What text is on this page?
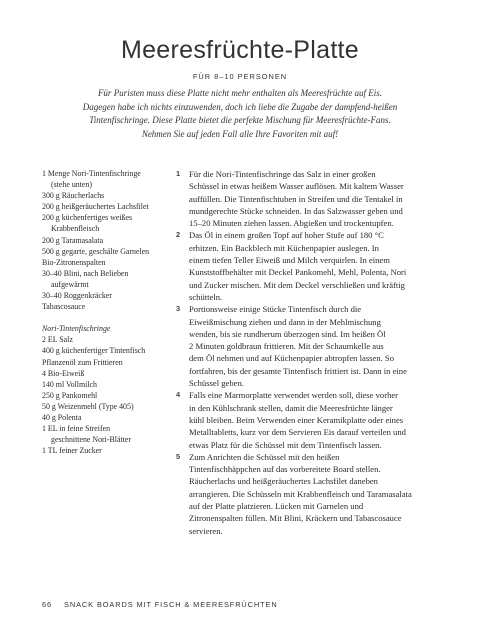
Meeresfrüchte-Platte
FÜR 8–10 PERSONEN
Für Puristen muss diese Platte nicht mehr enthalten als Meeresfrüchte auf Eis.
Dagegen habe ich nichts einzuwenden, doch ich liebe die Zugabe der dampfend-heißen
Tintenfischringe. Diese Platte bietet die perfekte Mischung für Meeresfrüchte-Fans.
Nehmen Sie auf jeden Fall alle Ihre Favoriten mit auf!
1 Menge Nori-Tintenfischringe
(stehe unten)
300 g Räucherlachs
200 g heißgeräuchertes Lachsfilet
200 g küchenfertiges weißes
Krabbenfleisch
200 g Taramasalata
500 g gegarte, geschälte Garnelen
Bio-Zitronenspalten
30–40 Blini, nach Belieben
aufgewärmt
30–40 Roggenkräcker
Tabascosauce
Nori-Tintenfischringe
2 EL Salz
400 g küchenfertiger Tintenfisch
Pflanzenöl zum Frittieren
4 Bio-Eiweiß
140 ml Vollmilch
250 g Pankomehl
50 g Weizenmehl (Type 405)
40 g Polenta
1 EL in feine Streifen
geschnittene Nori-Blätter
1 TL feiner Zucker
1 Für die Nori-Tintenfischringe das Salz in einer großen
Schüssel in etwas heißem Wasser auflösen. Mit kaltem Wasser
auffüllen. Die Tintenfischtuben in Streifen und die Tentakel in
mundgerechte Stücke schneiden. In das Salzwasser geben und
15–20 Minuten ziehen lassen. Abgießen und trockentupfen.
2 Das Öl in einem großen Topf auf hoher Stufe auf 180 °C
erhitzen. Ein Backblech mit Küchenpapier auslegen. In
einem tiefen Teller Eiweiß und Milch verquirlen. In einem
Kunststoffbehälter mit Deckel Pankomehl, Mehl, Polenta, Nori
und Zucker mischen. Mit dem Deckel verschließen und kräftig
schütteln.
3 Portionsweise einige Stücke Tintenfisch durch die
Eiweißmischung ziehen und dann in der Mehlmischung
wenden, bis sie rundherum überzogen sind. Im heißen Öl
2 Minuten goldbraun frittieren. Mit der Schaumkelle aus
dem Öl nehmen und auf Küchenpapier abtropfen lassen. So
fortfahren, bis der gesamte Tintenfisch frittiert ist. Dann in eine
Schüssel geben.
4 Falls eine Marmorplatte verwendet werden soll, diese vorher
in den Kühlschrank stellen, damit die Meeresfrüchte länger
kühl bleiben. Beim Verwenden einer Keramikplatte oder eines
Metalltabletts, kurz vor dem Servieren Eis darauf verteilen und
etwas Platz für die Schüssel mit dem Tintenfisch lassen.
5 Zum Anrichten die Schüssel mit den heißen
Tintenfischhäppchen auf das vorbereitete Board stellen.
Räucherlachs und heißgeräuchertes Lachsfilet daneben
arrangieren. Die Schüsseln mit Krabbenfleisch und Taramasalata
auf der Platte platzieren. Lücken mit Garnelen und
Zitronenspalten füllen. Mit Blini, Kräckern und Tabascosauce
servieren.
66 SNACK BOARDS MIT FISCH & MEERESFRÜCHTEN
